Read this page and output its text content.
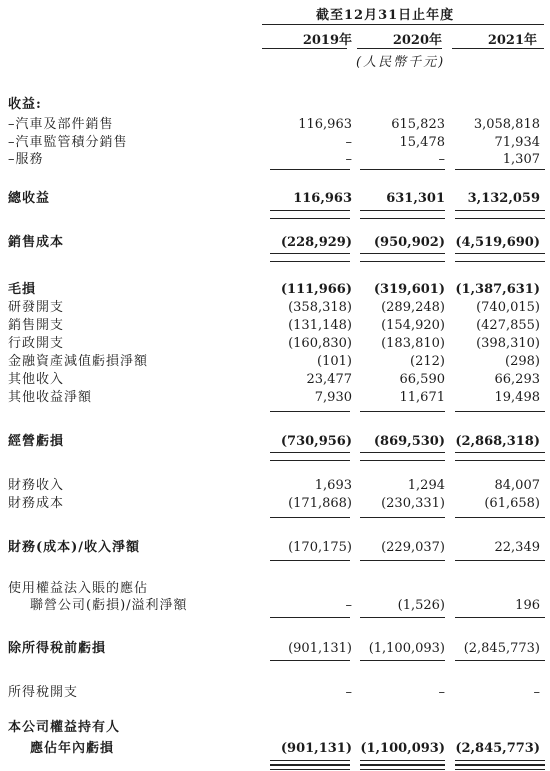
截至12月31日止年度
2019年	2020年	2021年
(人民幣千元)
收益:
–汽車及部件銷售	116,963	615,823	3,058,818
–汽車監管積分銷售	–	15,478	71,934
–服務	–	–	1,307
總收益	116,963	631,301	3,132,059
銷售成本	(228,929)	(950,902) (4,519,690)
毛損	(111,966)	(319,601) (1,387,631)
研發開支	(358,318)	(289,248)	(740,015)
銷售開支	(131,148)	(154,920)	(427,855)
行政開支	(160,830)	(183,810)	(398,310)
金融資產減值虧損淨額	(101)	(212)	(298)
其他收入	23,477	66,590	66,293
其他收益淨額	7,930	11,671	19,498
經營虧損	(730,956)	(869,530) (2,868,318)
財務收入	1,693	1,294	84,007
財務成本	(171,868)	(230,331)	(61,658)
財務(成本)/收入淨額	(170,175)	(229,037)	22,349
使用權益法入賬的應佔
聯營公司(虧損)/溢利淨額	–	(1,526)	196
除所得稅前虧損	(901,131)	(1,100,093)	(2,845,773)
所得稅開支	–	–	–
本公司權益持有人
應佔年內虧損	(901,131) (1,100,093) (2,845,773)
